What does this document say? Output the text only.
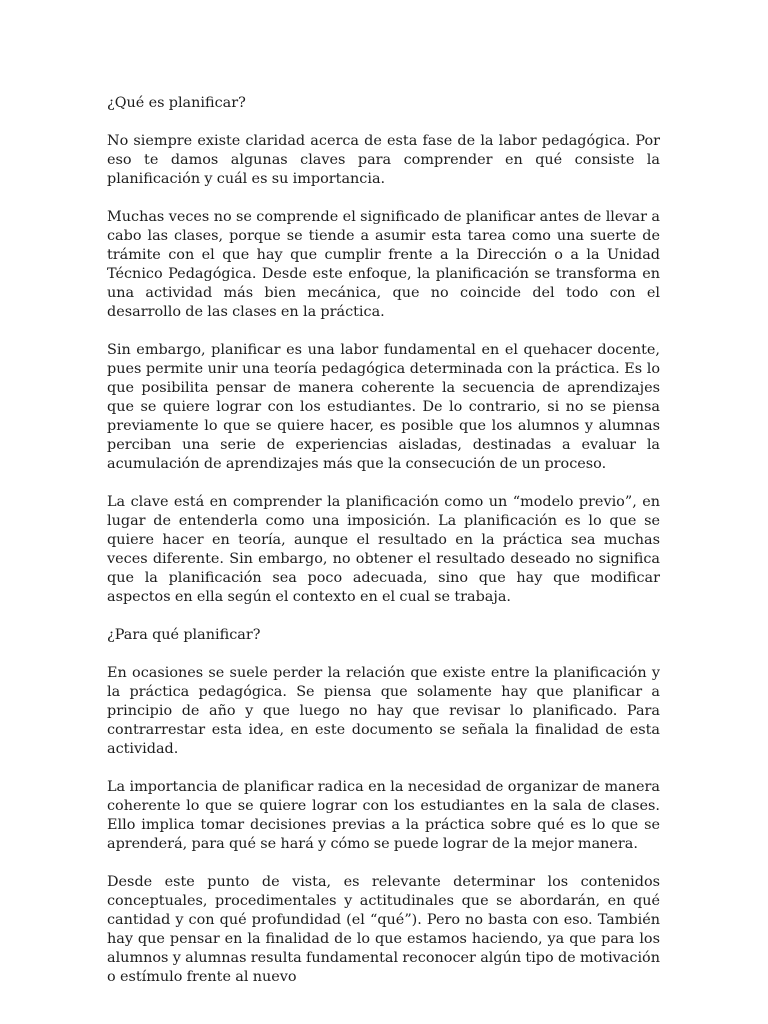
¿Qué es planificar?

No siempre existe claridad acerca de esta fase de la labor pedagógica. Por eso te damos algunas claves para comprender en qué consiste la planificación y cuál es su importancia.

Muchas veces no se comprende el significado de planificar antes de llevar a cabo las clases, porque se tiende a asumir esta tarea como una suerte de trámite con el que hay que cumplir frente a la Dirección o a la Unidad Técnico Pedagógica. Desde este enfoque, la planificación se transforma en una actividad más bien mecánica, que no coincide del todo con el desarrollo de las clases en la práctica.

Sin embargo, planificar es una labor fundamental en el quehacer docente, pues permite unir una teoría pedagógica determinada con la práctica. Es lo que posibilita pensar de manera coherente la secuencia de aprendizajes que se quiere lograr con los estudiantes. De lo contrario, si no se piensa previamente lo que se quiere hacer, es posible que los alumnos y alumnas perciban una serie de experiencias aisladas, destinadas a evaluar la acumulación de aprendizajes más que la consecución de un proceso.

La clave está en comprender la planificación como un “modelo previo”, en lugar de entenderla como una imposición. La planificación es lo que se quiere hacer en teoría, aunque el resultado en la práctica sea muchas veces diferente. Sin embargo, no obtener el resultado deseado no significa que la planificación sea poco adecuada, sino que hay que modificar aspectos en ella según el contexto en el cual se trabaja.

¿Para qué planificar?

En ocasiones se suele perder la relación que existe entre la planificación y la práctica pedagógica. Se piensa que solamente hay que planificar a principio de año y que luego no hay que revisar lo planificado. Para contrarrestar esta idea, en este documento se señala la finalidad de esta actividad.

La importancia de planificar radica en la necesidad de organizar de manera coherente lo que se quiere lograr con los estudiantes en la sala de clases. Ello implica tomar decisiones previas a la práctica sobre qué es lo que se aprenderá, para qué se hará y cómo se puede lograr de la mejor manera.

Desde este punto de vista, es relevante determinar los contenidos conceptuales, procedimentales y actitudinales que se abordarán, en qué cantidad y con qué profundidad (el “qué”). Pero no basta con eso. También hay que pensar en la finalidad de lo que estamos haciendo, ya que para los alumnos y alumnas resulta fundamental reconocer algún tipo de motivación o estímulo frente al nuevo
